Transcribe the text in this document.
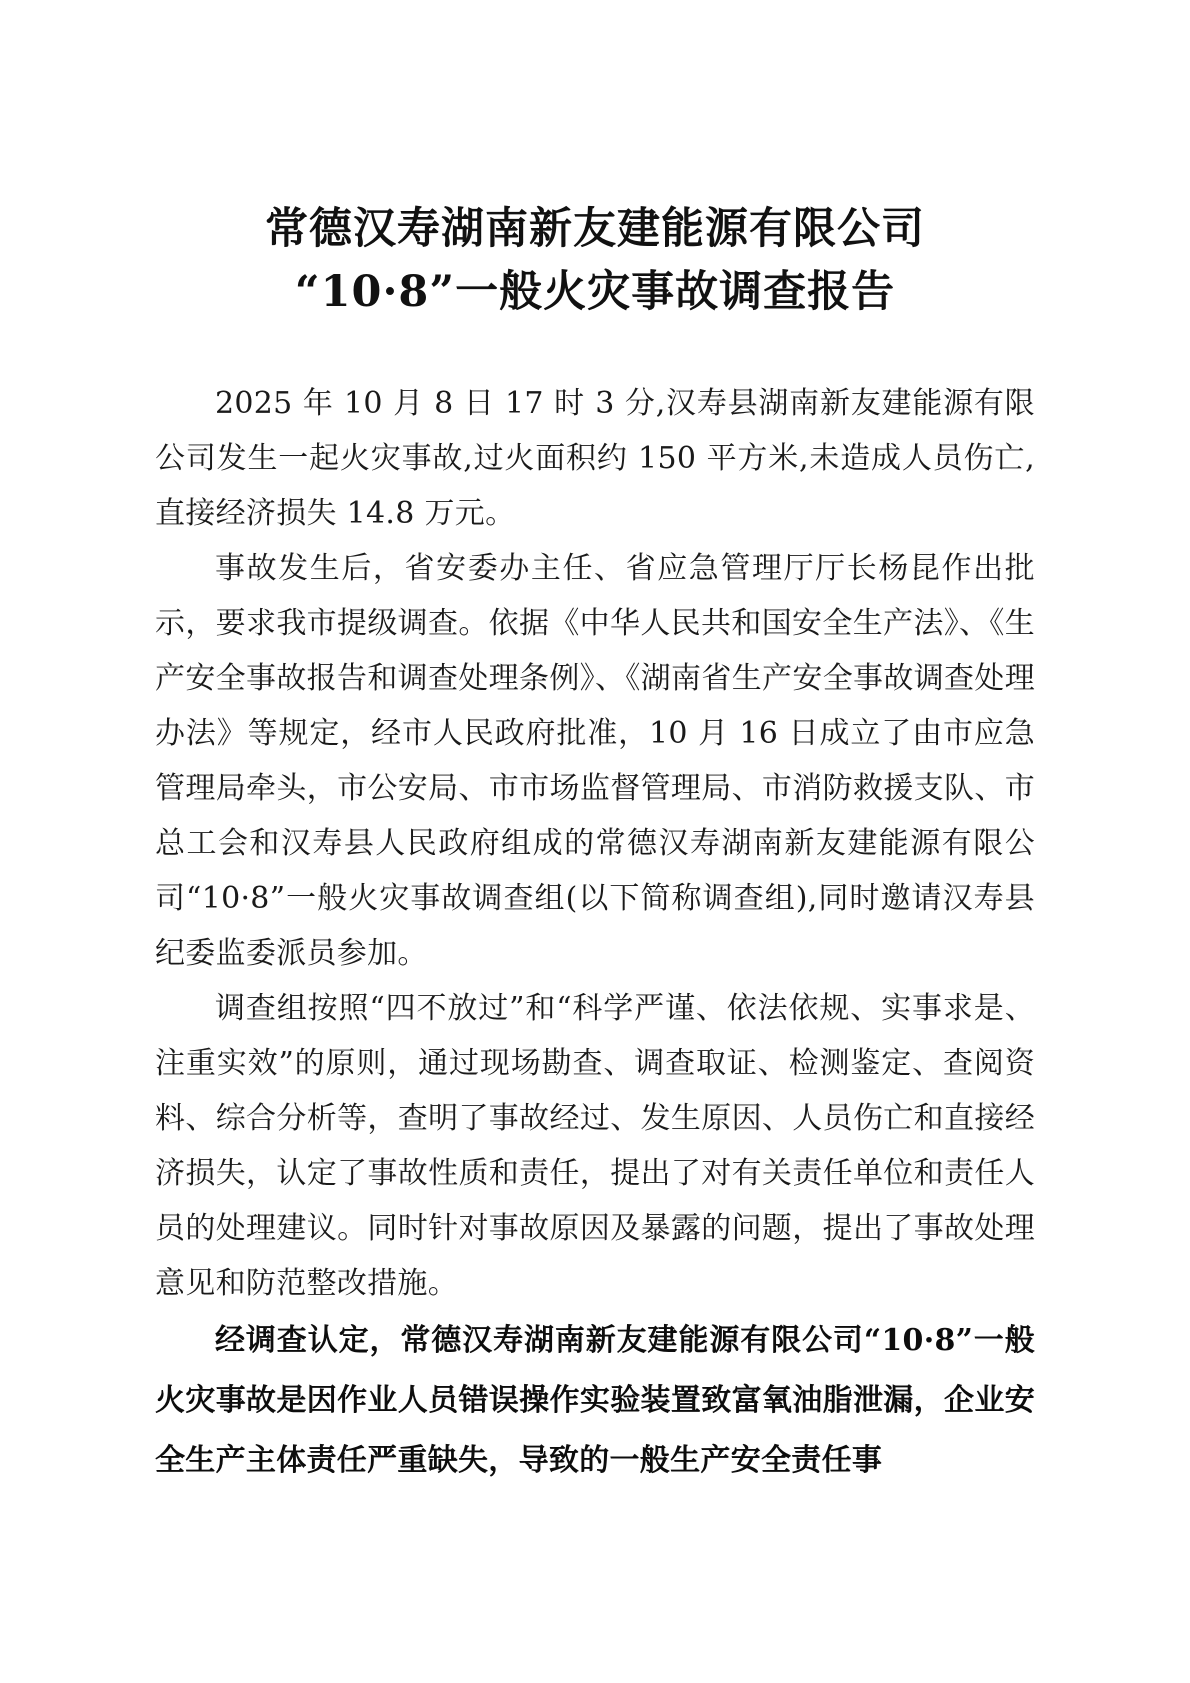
常德汉寿湖南新友建能源有限公司
“10·8”一般火灾事故调查报告

2025 年 10 月 8 日 17 时 3 分,汉寿县湖南新友建能源有限公司发生一起火灾事故,过火面积约 150 平方米,未造成人员伤亡,直接经济损失 14.8 万元。

事故发生后，省安委办主任、省应急管理厅厅长杨昆作出批示，要求我市提级调查。依据《中华人民共和国安全生产法》、《生产安全事故报告和调查处理条例》、《湖南省生产安全事故调查处理办法》等规定，经市人民政府批准，10 月 16 日成立了由市应急管理局牵头，市公安局、市市场监督管理局、市消防救援支队、市总工会和汉寿县人民政府组成的常德汉寿湖南新友建能源有限公司“10·8”一般火灾事故调查组(以下简称调查组),同时邀请汉寿县纪委监委派员参加。

调查组按照“四不放过”和“科学严谨、依法依规、实事求是、注重实效”的原则，通过现场勘查、调查取证、检测鉴定、查阅资料、综合分析等，查明了事故经过、发生原因、人员伤亡和直接经济损失，认定了事故性质和责任，提出了对有关责任单位和责任人员的处理建议。同时针对事故原因及暴露的问题，提出了事故处理意见和防范整改措施。

经调查认定，常德汉寿湖南新友建能源有限公司“10·8”一般火灾事故是因作业人员错误操作实验装置致富氧油脂泄漏，企业安全生产主体责任严重缺失，导致的一般生产安全责任事
